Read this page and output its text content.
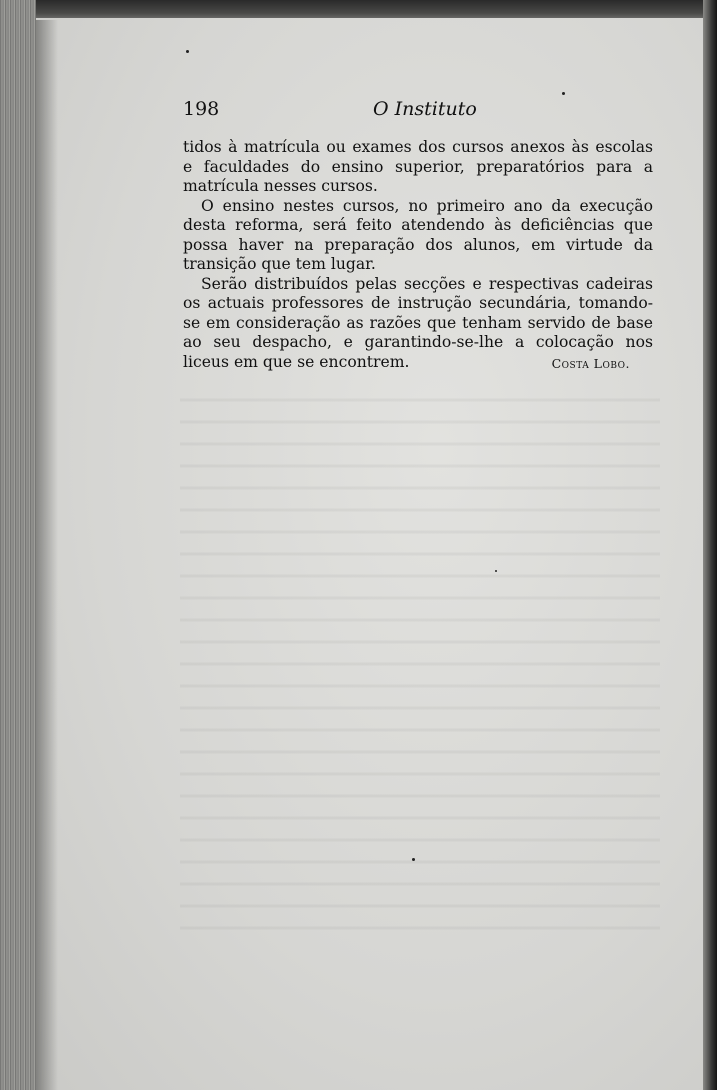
198	O Instituto

tidos à matrícula ou exames dos cursos anexos às escolas e faculdades do ensino superior, preparatórios para a matrícula nesses cursos.

O ensino nestes cursos, no primeiro ano da execução desta reforma, será feito atendendo às deficiências que possa haver na preparação dos alunos, em virtude da transição que tem lugar.

Serão distribuídos pelas secções e respectivas cadeiras os actuais professores de instrução secundária, tomando-se em consideração as razões que tenham servido de base ao seu despacho, e garantindo-se-lhe a colocação nos liceus em que se encontrem.	Costa Lobo.
